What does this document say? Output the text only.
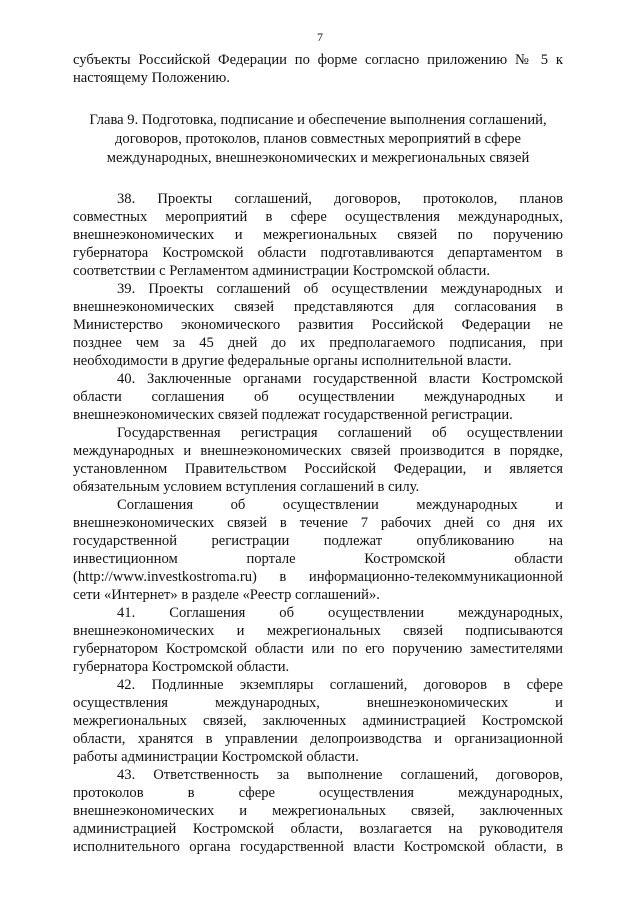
7
субъекты Российской Федерации по форме согласно приложению № 5 к
настоящему Положению.
Глава 9. Подготовка, подписание и обеспечение выполнения соглашений,
договоров, протоколов, планов совместных мероприятий в сфере
международных, внешнеэкономических и межрегиональных связей
38. Проекты соглашений, договоров, протоколов, планов
совместных мероприятий в сфере осуществления международных,
внешнеэкономических и межрегиональных связей по поручению
губернатора Костромской области подготавливаются департаментом в
соответствии с Регламентом администрации Костромской области.
39. Проекты соглашений об осуществлении международных и
внешнеэкономических связей представляются для согласования в
Министерство экономического развития Российской Федерации не
позднее чем за 45 дней до их предполагаемого подписания, при
необходимости в другие федеральные органы исполнительной власти.
40. Заключенные органами государственной власти Костромской
области соглашения об осуществлении международных и
внешнеэкономических связей подлежат государственной регистрации.
Государственная регистрация соглашений об осуществлении
международных и внешнеэкономических связей производится в порядке,
установленном Правительством Российской Федерации, и является
обязательным условием вступления соглашений в силу.
Соглашения об осуществлении международных и
внешнеэкономических связей в течение 7 рабочих дней со дня их
государственной регистрации подлежат опубликованию на
инвестиционном портале Костромской области
(http://www.investkostroma.ru) в информационно-телекоммуникационной
сети «Интернет» в разделе «Реестр соглашений».
41. Соглашения об осуществлении международных,
внешнеэкономических и межрегиональных связей подписываются
губернатором Костромской области или по его поручению заместителями
губернатора Костромской области.
42. Подлинные экземпляры соглашений, договоров в сфере
осуществления международных, внешнеэкономических и
межрегиональных связей, заключенных администрацией Костромской
области, хранятся в управлении делопроизводства и организационной
работы администрации Костромской области.
43. Ответственность за выполнение соглашений, договоров,
протоколов в сфере осуществления международных,
внешнеэкономических и межрегиональных связей, заключенных
администрацией Костромской области, возлагается на руководителя
исполнительного органа государственной власти Костромской области, в
